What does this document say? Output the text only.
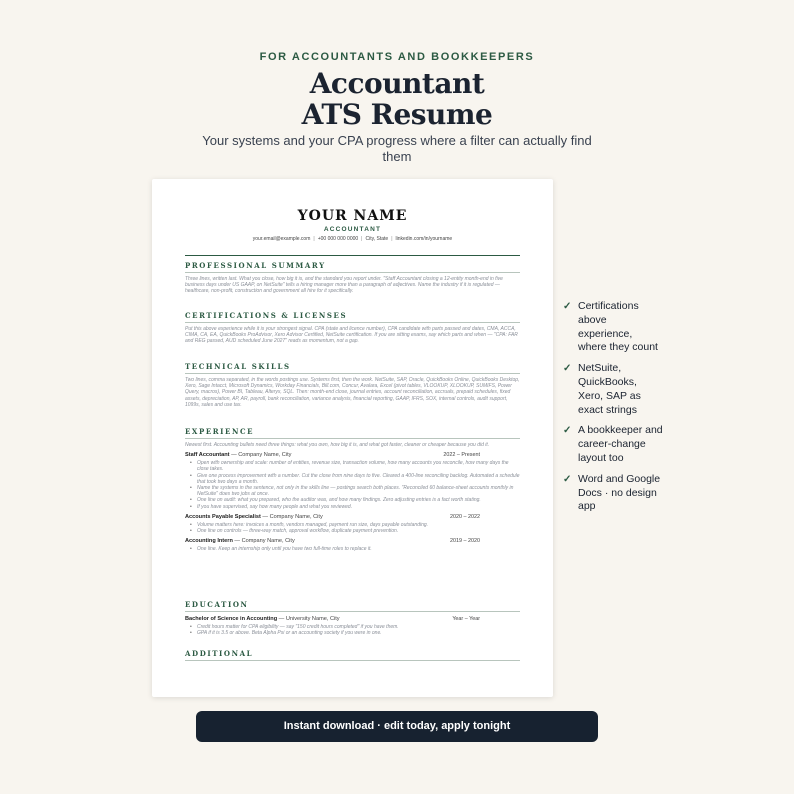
FOR ACCOUNTANTS AND BOOKKEEPERS
Accountant
ATS Resume
Your systems and your CPA progress where a filter can actually find them
YOUR NAME
ACCOUNTANT
your.email@example.com | +00 000 000 0000 | City, State | linkedin.com/in/yourname
PROFESSIONAL SUMMARY
Three lines, written last. What you close, how big it is, and the standard you report under. "Staff Accountant closing a 12-entity month-end in five business days under US GAAP, on NetSuite" tells a hiring manager more than a paragraph of adjectives. Name the industry if it is regulated — healthcare, non-profit, construction and government all hire for it specifically.
CERTIFICATIONS & LICENSES
Put this above experience while it is your strongest signal. CPA (state and licence number), CPA candidate with parts passed and dates, CMA, ACCA, CIMA, CA, EA, QuickBooks ProAdvisor, Xero Advisor Certified, NetSuite certification. If you are sitting exams, say which parts and when — "CPA: FAR and REG passed, AUD scheduled June 2027" reads as momentum, not a gap.
TECHNICAL SKILLS
Two lines, comma separated, in the words postings use. Systems first, then the work. NetSuite, SAP, Oracle, QuickBooks Online, QuickBooks Desktop, Xero, Sage Intacct, Microsoft Dynamics, Workday Financials, Bill.com, Concur, Avalara, Excel (pivot tables, VLOOKUP, XLOOKUP, SUMIFS, Power Query, macros), Power BI, Tableau, Alteryx, SQL. Then: month-end close, journal entries, account reconciliation, accruals, prepaid schedules, fixed assets, depreciation, AP, AR, payroll, bank reconciliation, variance analysis, financial reporting, GAAP, IFRS, SOX, internal controls, audit support, 1099s, sales and use tax.
EXPERIENCE
Newest first. Accounting bullets need three things: what you own, how big it is, and what got faster, cleaner or cheaper because you did it.
Staff Accountant — Company Name, City	2022 – Present
• Open with ownership and scale: number of entities, revenue size, transaction volume, how many accounts you reconcile, how many days the close takes.
• Give one process improvement with a number. Cut the close from nine days to five. Cleared a 400-line reconciling backlog. Automated a schedule that took two days a month.
• Name the systems in the sentence, not only in the skills line — postings search both places. "Reconciled 60 balance-sheet accounts monthly in NetSuite" does two jobs at once.
• One line on audit: what you prepared, who the auditor was, and how many findings. Zero adjusting entries is a fact worth stating.
• If you have supervised, say how many people and what you reviewed.
Accounts Payable Specialist — Company Name, City	2020 – 2022
• Volume matters here: invoices a month, vendors managed, payment run size, days payable outstanding.
• One line on controls — three-way match, approval workflow, duplicate payment prevention.
Accounting Intern — Company Name, City	2019 – 2020
• One line. Keep an internship only until you have two full-time roles to replace it.
EDUCATION
Bachelor of Science in Accounting — University Name, City	Year – Year
• Credit hours matter for CPA eligibility — say "150 credit hours completed" if you have them.
• GPA if it is 3.5 or above. Beta Alpha Psi or an accounting society if you were in one.
ADDITIONAL
✓ Certifications above experience, where they count
✓ NetSuite, QuickBooks, Xero, SAP as exact strings
✓ A bookkeeper and career-change layout too
✓ Word and Google Docs · no design app
Instant download · edit today, apply tonight
